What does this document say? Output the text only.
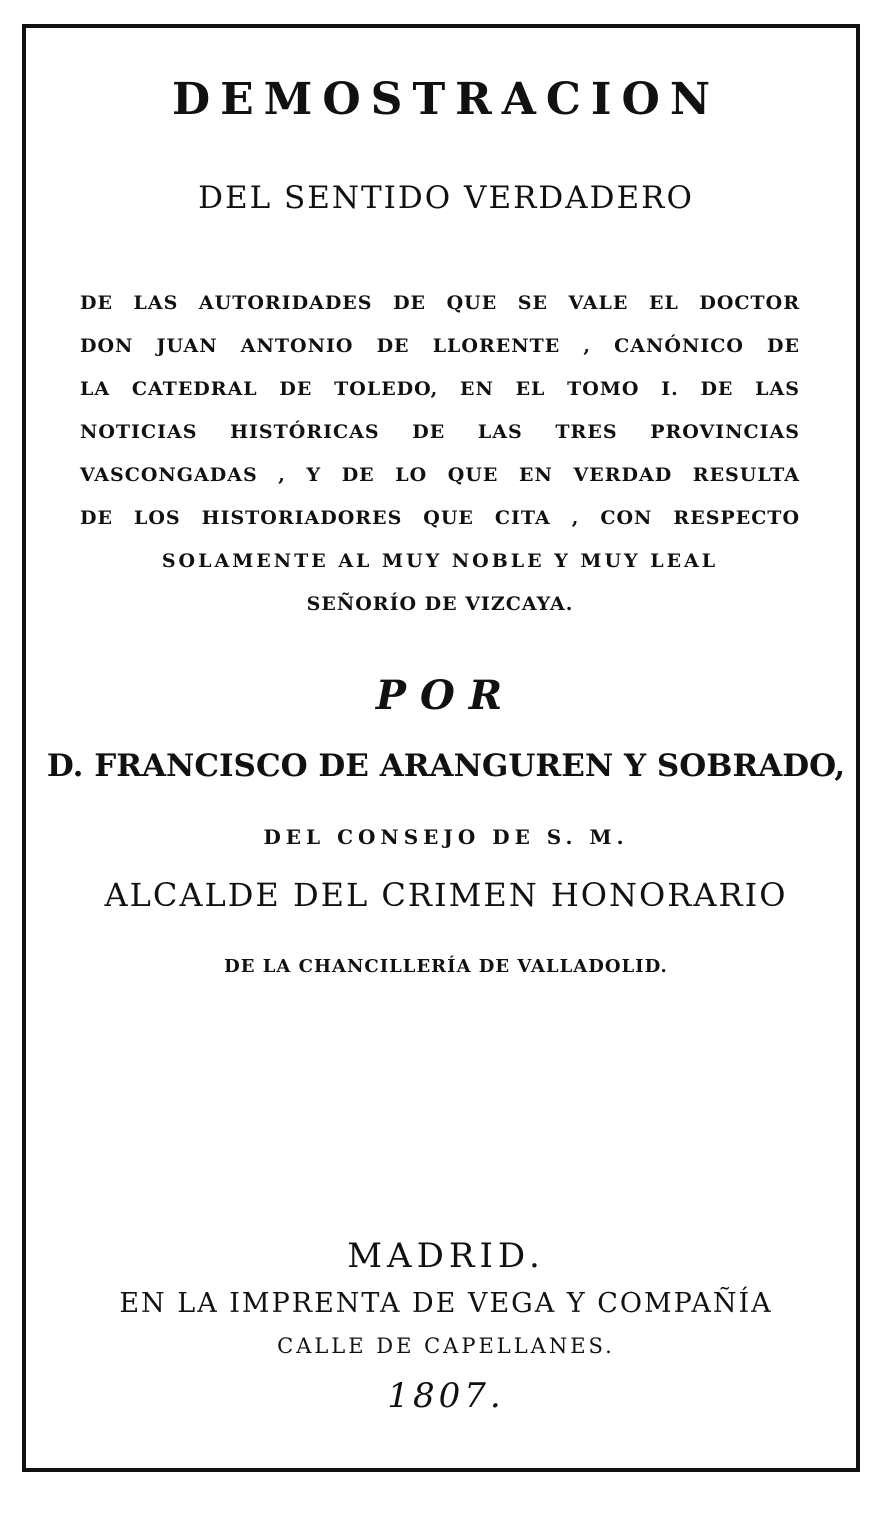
DEMOSTRACION
DEL SENTIDO VERDADERO
DE LAS AUTORIDADES DE QUE SE VALE EL DOCTOR
DON JUAN ANTONIO DE LLORENTE , CANÓNICO DE
LA CATEDRAL DE TOLEDO, EN EL TOMO I. DE LAS
NOTICIAS HISTÓRICAS DE LAS TRES PROVINCIAS
VASCONGADAS , Y DE LO QUE EN VERDAD RESULTA
DE LOS HISTORIADORES QUE CITA , CON RESPECTO
SOLAMENTE AL MUY NOBLE Y MUY LEAL
SEÑORÍO DE VIZCAYA.
POR
D. FRANCISCO DE ARANGUREN Y SOBRADO,
DEL CONSEJO DE S. M.
ALCALDE DEL CRIMEN HONORARIO
DE LA CHANCILLERÍA DE VALLADOLID.
MADRID.
EN LA IMPRENTA DE VEGA Y COMPAÑÍA
CALLE DE CAPELLANES.
1807.
